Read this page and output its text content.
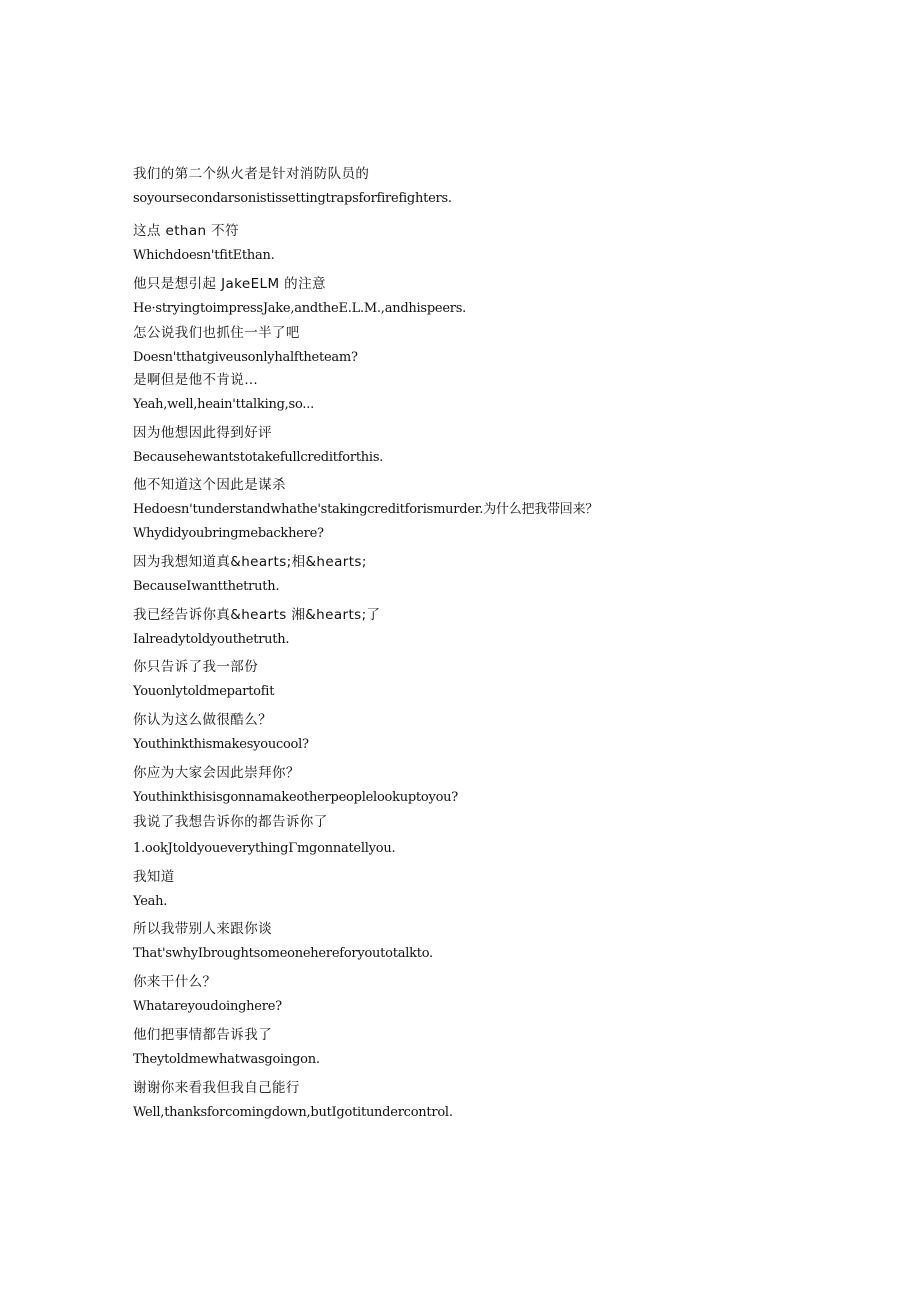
我们的第二个纵火者是针对消防队员的
soyoursecondarsonistissettingtrapsforfirefighters.
这点 ethan 不符
Whichdoesn'tfitEthan.
他只是想引起 JakeELM 的注意
He·stryingtoimpressJake,andtheE.L.M.,andhispeers.
怎公说我们也抓住一半了吧
Doesn'tthatgiveusonlyhalftheteam?
是啊但是他不肯说…
Yeah,well,heain'ttalking,so...
因为他想因此得到好评
Becausehewantstotakefullcreditforthis.
他不知道这个因此是谋杀
Hedoesn'tunderstandwhathe'stakingcreditforismurder.为什么把我带回来？
Whydidyoubringmebackhere?
因为我想知道真&hearts;相&hearts;
BecauseIwantthetruth.
我已经告诉你真&hearts 湘&hearts;了
Ialreadytoldyouthetruth.
你只告诉了我一部份
Youonlytoldmepartofit
你认为这么做很酷么？
Youthinkthismakesyoucool?
你应为大家会因此崇拜你？
Youthinkthisisgonnamakeotherpeoplelookuptoyou?
我说了我想告诉你的都告诉你了
1.ookJtoldyoueverythingΓmgonnatellyou.
我知道
Yeah.
所以我带别人来跟你谈
That'swhyIbroughtsomeonehereforyoutotalkto.
你来干什么？
Whatareyoudoinghere?
他们把事情都告诉我了
Theytoldmewhatwasgoingon.
谢谢你来看我但我自己能行
Well,thanksforcomingdown,butIgotitundercontrol.
